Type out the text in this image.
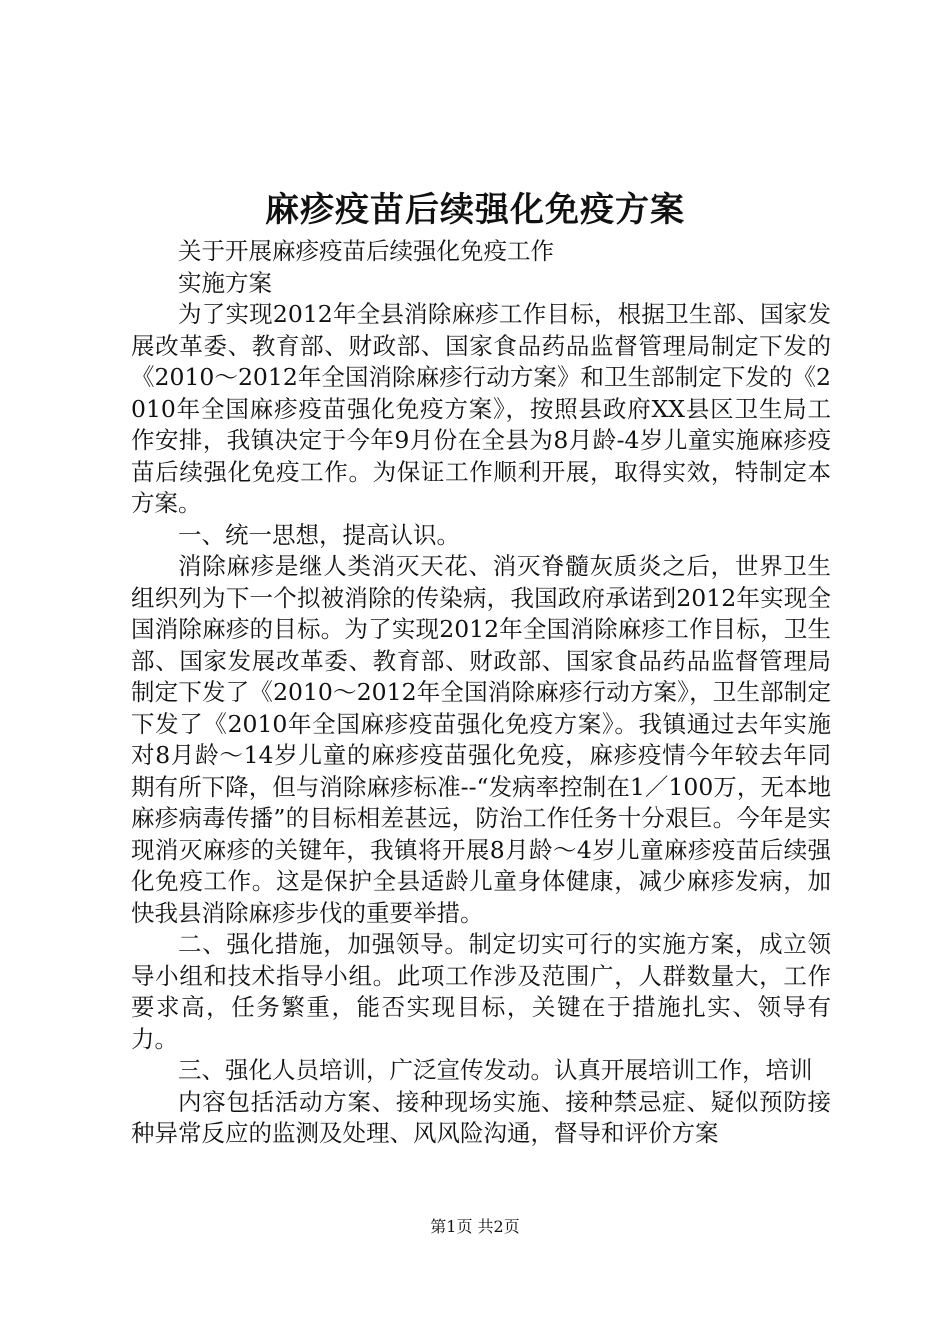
麻疹疫苗后续强化免疫方案

关于开展麻疹疫苗后续强化免疫工作

实施方案

为了实现2012年全县消除麻疹工作目标，根据卫生部、国家发展改革委、教育部、财政部、国家食品药品监督管理局制定下发的《2010～2012年全国消除麻疹行动方案》和卫生部制定下发的《2010年全国麻疹疫苗强化免疫方案》，按照县政府XX县区卫生局工作安排，我镇决定于今年9月份在全县为8月龄-4岁儿童实施麻疹疫苗后续强化免疫工作。为保证工作顺利开展，取得实效，特制定本方案。

一、统一思想，提高认识。

消除麻疹是继人类消灭天花、消灭脊髓灰质炎之后，世界卫生组织列为下一个拟被消除的传染病，我国政府承诺到2012年实现全国消除麻疹的目标。为了实现2012年全国消除麻疹工作目标，卫生部、国家发展改革委、教育部、财政部、国家食品药品监督管理局制定下发了《2010～2012年全国消除麻疹行动方案》，卫生部制定下发了《2010年全国麻疹疫苗强化免疫方案》。我镇通过去年实施对8月龄～14岁儿童的麻疹疫苗强化免疫，麻疹疫情今年较去年同期有所下降，但与消除麻疹标准--“发病率控制在1／100万，无本地麻疹病毒传播”的目标相差甚远，防治工作任务十分艰巨。今年是实现消灭麻疹的关键年，我镇将开展8月龄～4岁儿童麻疹疫苗后续强化免疫工作。这是保护全县适龄儿童身体健康，减少麻疹发病，加快我县消除麻疹步伐的重要举措。

二、强化措施，加强领导。制定切实可行的实施方案，成立领导小组和技术指导小组。此项工作涉及范围广，人群数量大，工作要求高，任务繁重，能否实现目标，关键在于措施扎实、领导有力。

三、强化人员培训，广泛宣传发动。认真开展培训工作，培训

内容包括活动方案、接种现场实施、接种禁忌症、疑似预防接种异常反应的监测及处理、风风险沟通，督导和评价方案

第1页 共2页
